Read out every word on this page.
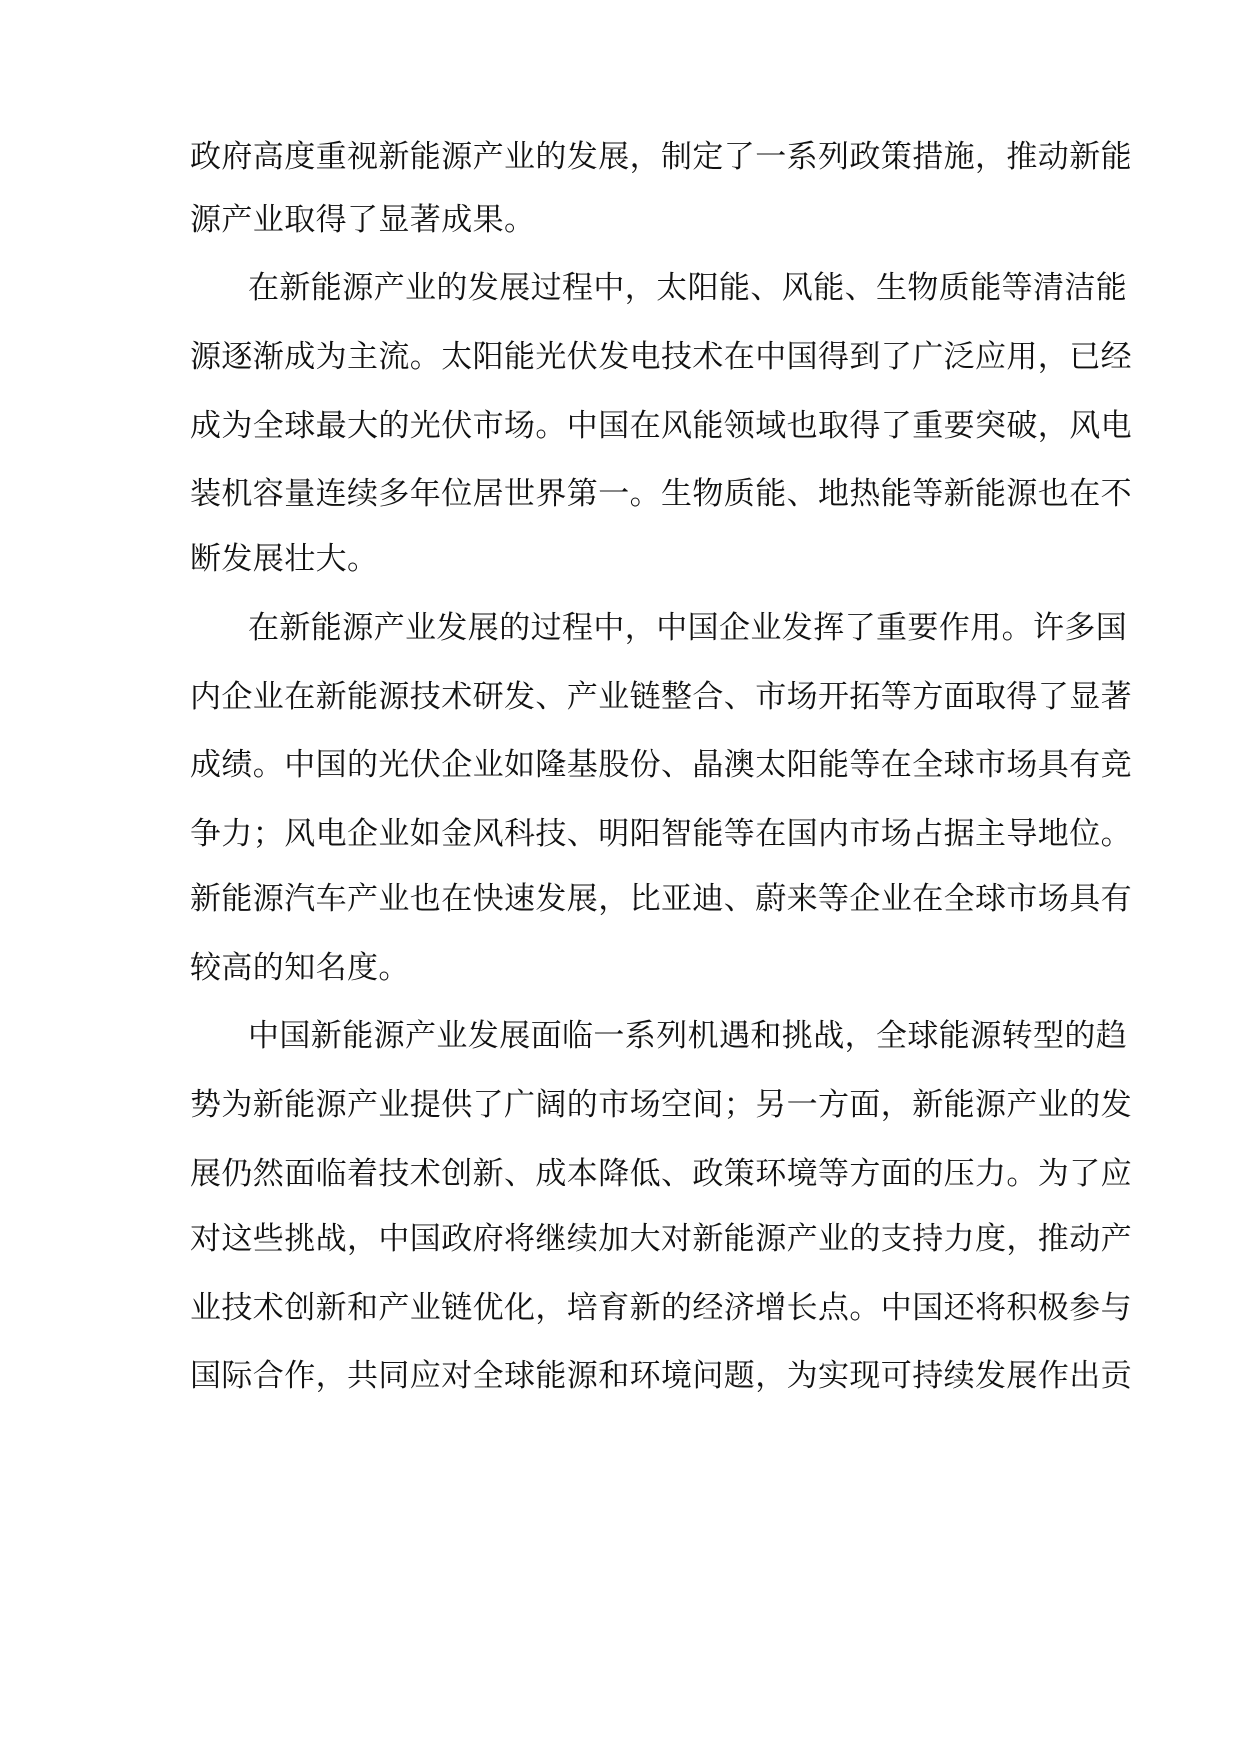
政府高度重视新能源产业的发展，制定了一系列政策措施，推动新能
源产业取得了显著成果。
在新能源产业的发展过程中，太阳能、风能、生物质能等清洁能
源逐渐成为主流。太阳能光伏发电技术在中国得到了广泛应用，已经
成为全球最大的光伏市场。中国在风能领域也取得了重要突破，风电
装机容量连续多年位居世界第一。生物质能、地热能等新能源也在不
断发展壮大。
在新能源产业发展的过程中，中国企业发挥了重要作用。许多国
内企业在新能源技术研发、产业链整合、市场开拓等方面取得了显著
成绩。中国的光伏企业如隆基股份、晶澳太阳能等在全球市场具有竞
争力；风电企业如金风科技、明阳智能等在国内市场占据主导地位。
新能源汽车产业也在快速发展，比亚迪、蔚来等企业在全球市场具有
较高的知名度。
中国新能源产业发展面临一系列机遇和挑战，全球能源转型的趋
势为新能源产业提供了广阔的市场空间；另一方面，新能源产业的发
展仍然面临着技术创新、成本降低、政策环境等方面的压力。为了应
对这些挑战，中国政府将继续加大对新能源产业的支持力度，推动产
业技术创新和产业链优化，培育新的经济增长点。中国还将积极参与
国际合作，共同应对全球能源和环境问题，为实现可持续发展作出贡
